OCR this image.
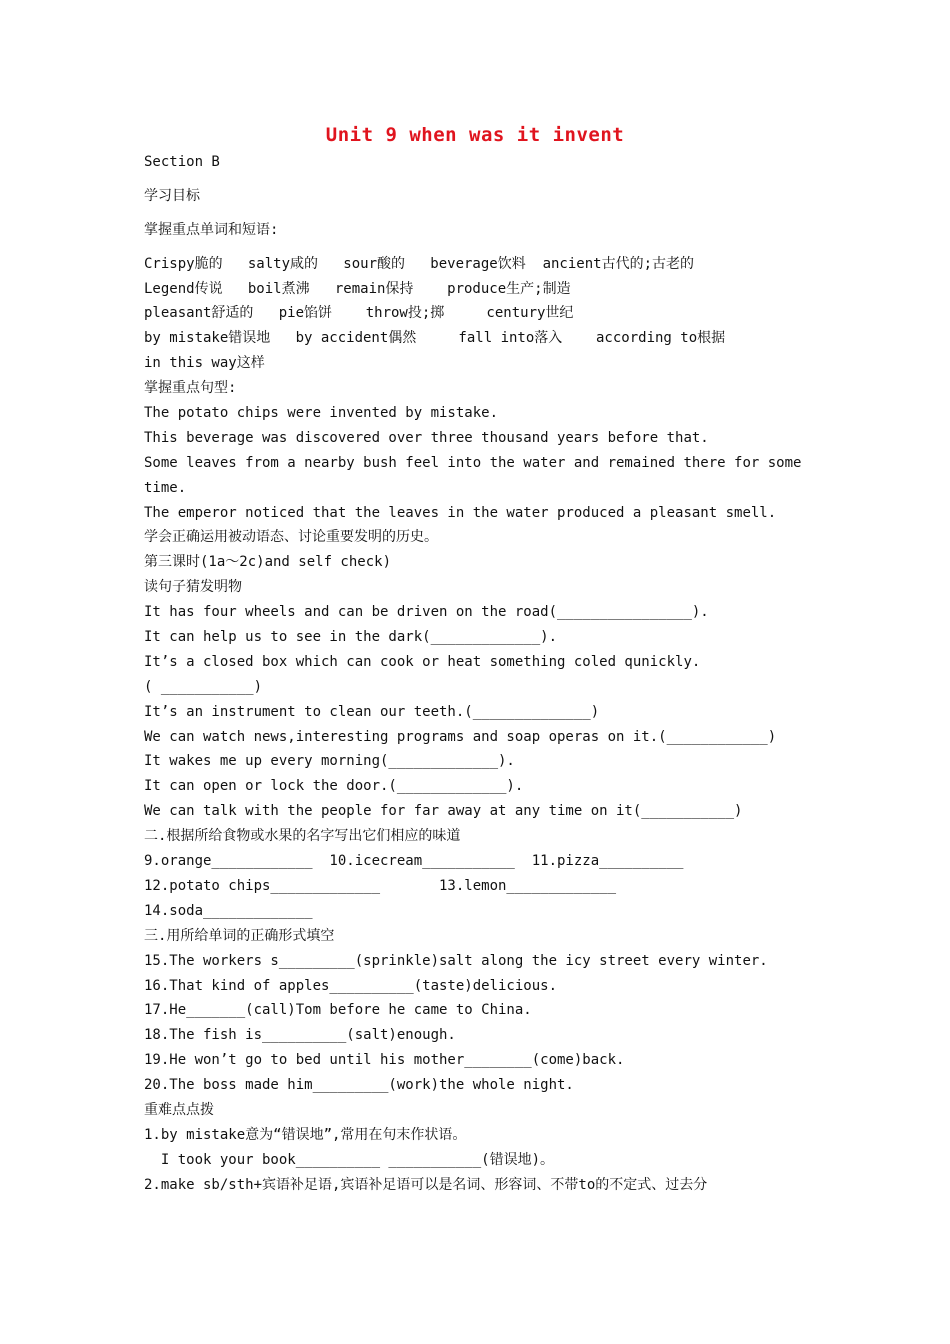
Unit 9 when was it invent
Section B
学习目标
掌握重点单词和短语:
Crispy脆的   salty咸的   sour酸的   beverage饮料  ancient古代的;古老的
Legend传说   boil煮沸   remain保持    produce生产;制造
pleasant舒适的   pie馅饼    throw投;掷     century世纪
by mistake错误地   by accident偶然     fall into落入    according to根据
in this way这样
掌握重点句型:
The potato chips were invented by mistake.
This beverage was discovered over three thousand years before that.
Some leaves from a nearby bush feel into the water and remained there for some
time.
The emperor noticed that the leaves in the water produced a pleasant smell.
学会正确运用被动语态、讨论重要发明的历史。
第三课时(1a～2c)and self check)
读句子猜发明物
It has four wheels and can be driven on the road(________________).
It can help us to see in the dark(_____________).
It’s a closed box which can cook or heat something coled qunickly.
( ___________)
It’s an instrument to clean our teeth.(______________)
We can watch news,interesting programs and soap operas on it.(____________)
It wakes me up every morning(_____________).
It can open or lock the door.(_____________).
We can talk with the people for far away at any time on it(___________)
二.根据所给食物或水果的名字写出它们相应的味道
9.orange____________  10.icecream___________  11.pizza__________
12.potato chips_____________       13.lemon_____________
14.soda_____________
三.用所给单词的正确形式填空
15.The workers s_________(sprinkle)salt along the icy street every winter.
16.That kind of apples__________(taste)delicious.
17.He_______(call)Tom before he came to China.
18.The fish is__________(salt)enough.
19.He won’t go to bed until his mother________(come)back.
20.The boss made him_________(work)the whole night.
重难点点拨
1.by mistake意为“错误地”,常用在句末作状语。
I took your book__________ ___________(错误地)。
2.make sb/sth+宾语补足语,宾语补足语可以是名词、形容词、不带to的不定式、过去分
